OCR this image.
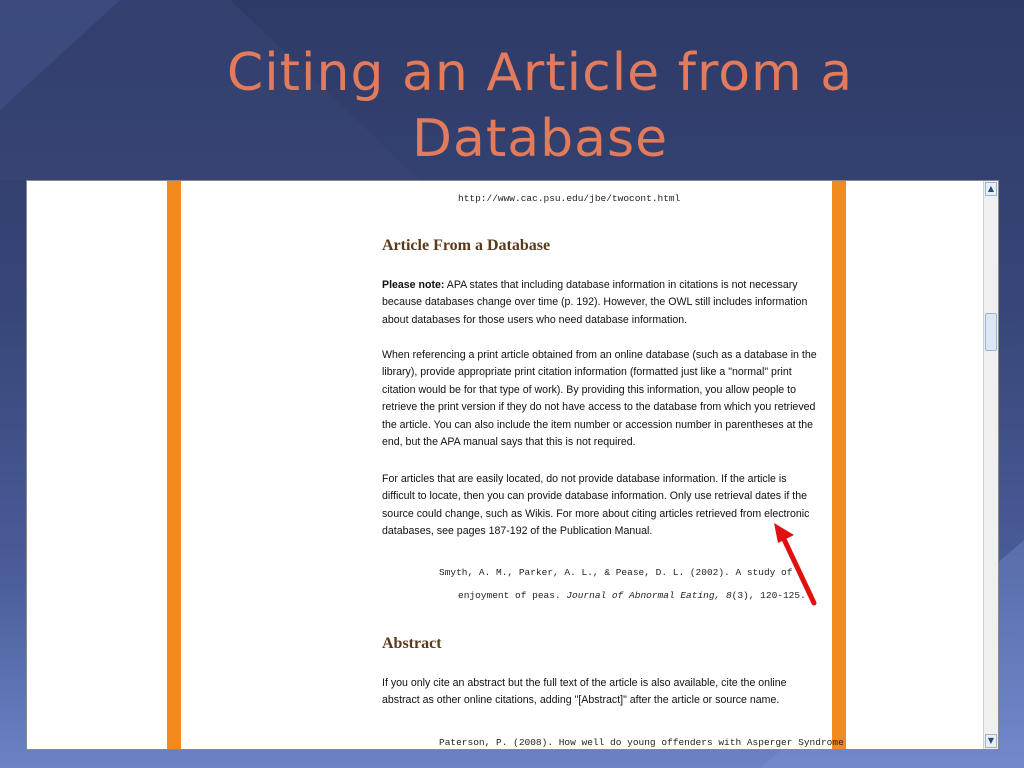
Citing an Article from a
Database
http://www.cac.psu.edu/jbe/twocont.html
Article From a Database

Please note: APA states that including database information in citations is not necessary because databases change over time (p. 192). However, the OWL still includes information about databases for those users who need database information.

When referencing a print article obtained from an online database (such as a database in the library), provide appropriate print citation information (formatted just like a "normal" print citation would be for that type of work). By providing this information, you allow people to retrieve the print version if they do not have access to the database from which you retrieved the article. You can also include the item number or accession number in parentheses at the end, but the APA manual says that this is not required.

For articles that are easily located, do not provide database information. If the article is difficult to locate, then you can provide database information. Only use retrieval dates if the source could change, such as Wikis. For more about citing articles retrieved from electronic databases, see pages 187-192 of the Publication Manual.

Smyth, A. M., Parker, A. L., & Pease, D. L. (2002). A study of
enjoyment of peas. Journal of Abnormal Eating, 8(3), 120-125.
Abstract

If you only cite an abstract but the full text of the article is also available, cite the online abstract as other online citations, adding "[Abstract]" after the article or source name.

Paterson, P. (2008). How well do young offenders with Asperger Syndrome
▲
▼
